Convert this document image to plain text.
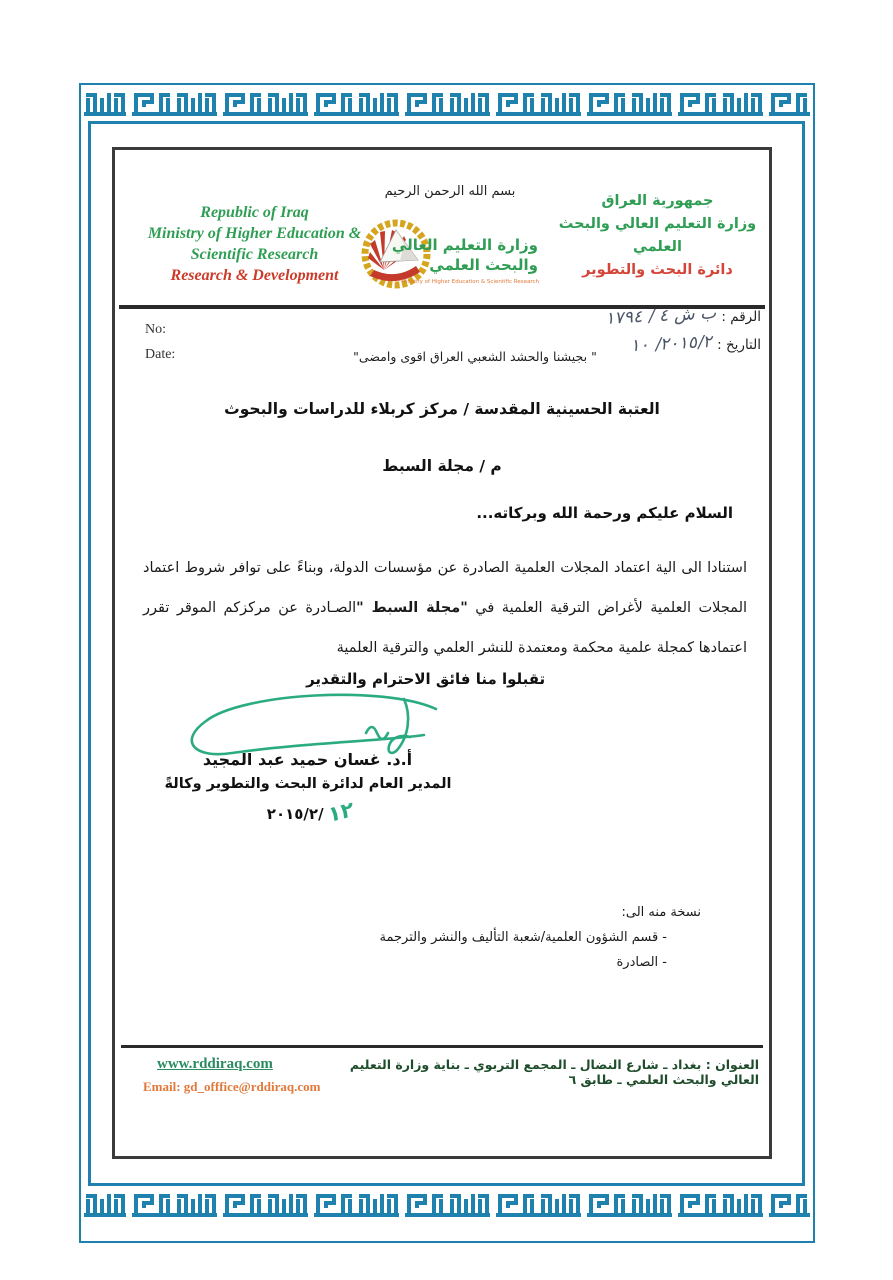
Republic of Iraq
Ministry of Higher Education &
Scientific Research
Research & Development
بسم الله الرحمن الرحيم
وزارة التعليم العالي
والبحث العلمي
Ministry of Higher Education & Scientific Research
جمهورية العراق
وزارة التعليم العالي والبحث العلمي
دائرة البحث والتطوير
No:
Date:	" بجيشنا والحشد الشعبي العراق اقوى وامضى"
الرقم : ب ش ٤ / ١٧٩٤
التاريخ : ٢٠١٥/٢/ ١٠
العتبة الحسينية المقدسة / مركز كربلاء للدراسات والبحوث
م / مجلة السبط
السلام عليكم ورحمة الله وبركاته...
استنادا الى الية اعتماد المجلات العلمية الصادرة عن مؤسسات الدولة، وبناءً على توافر شروط اعتماد المجلات العلمية لأغراض الترقية العلمية في "مجلة السبط "الصـادرة عن مركزكم الموقر تقرر اعتمادها كمجلة علمية محكمة ومعتمدة للنشر العلمي والترقية العلمية
تقبلوا منا فائق الاحترام والتقدير
أ.د. غسان حميد عبد المجيد
المدير العام لدائرة البحث والتطوير وكالةً
٢٠١٥/٢/ ١٢
نسخة منه الى:
- قسم الشؤون العلمية/شعبة التأليف والنشر والترجمة
- الصادرة
www.rddiraq.com
Email: gd_offfice@rddiraq.com
العنوان : بغداد ـ شارع النضال ـ المجمع التربوي ـ بناية وزارة التعليم العالي والبحث العلمي ـ طابق ٦
